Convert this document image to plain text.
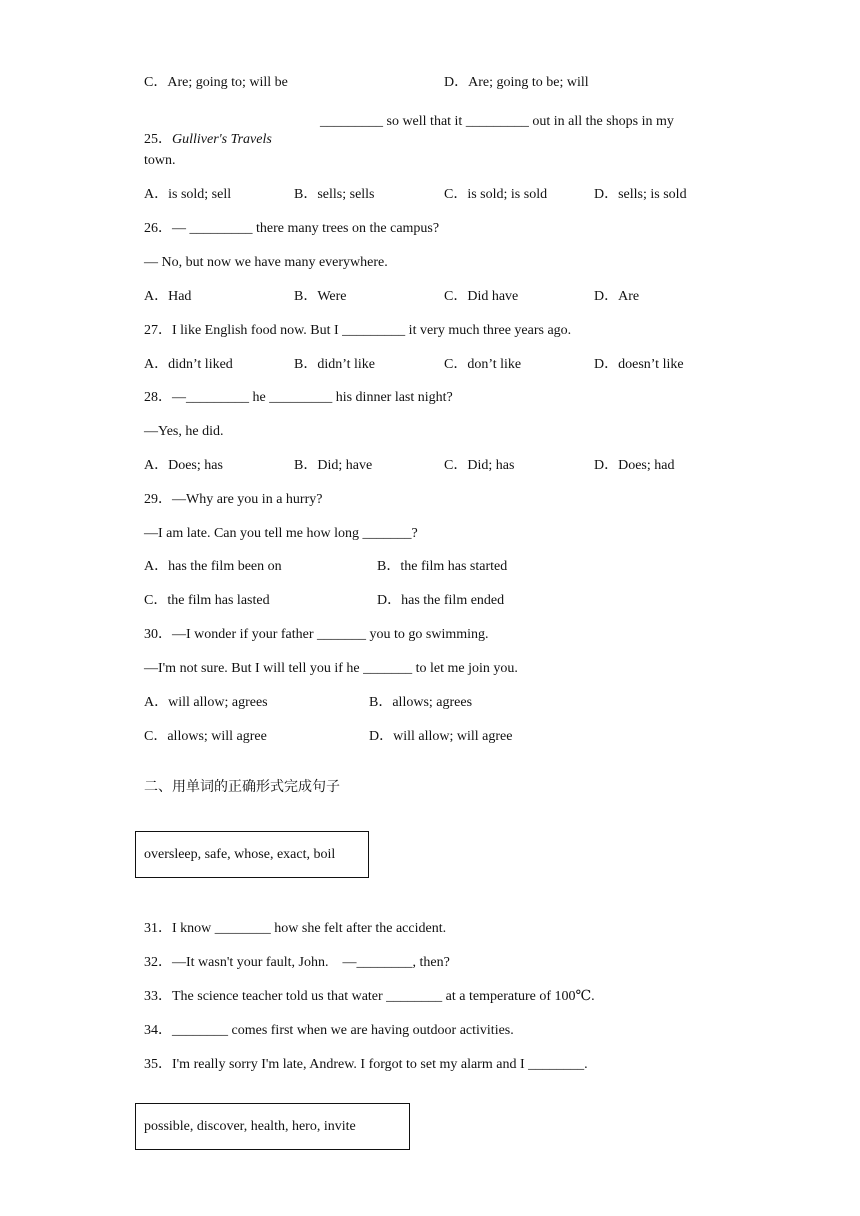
C．Are; going to; will be	D．Are; going to be; will

25．Gulliver's Travels

_________ so well that it _________ out in all the shops in my
town.
A．is sold; sell	B．sells; sells	C．is sold; is sold	D．sells; is sold
26．— _________ there many trees on the campus?
— No, but now we have many everywhere.
A．Had	B．Were	C．Did have	D．Are
27．I like English food now. But I _________ it very much three years ago.
A．didn’t liked	B．didn’t like	C．don’t like	D．doesn’t like
28．—_________ he _________ his dinner last night?
—Yes, he did.
A．Does; has	B．Did; have	C．Did; has	D．Does; had
29．—Why are you in a hurry?
—I am late. Can you tell me how long _______?
A．has the film been on	B．the film has started
C．the film has lasted	D．has the film ended
30．—I wonder if your father _______ you to go swimming.
—I'm not sure. But I will tell you if he _______ to let me join you.
A．will allow; agrees	B．allows; agrees
C．allows; will agree	D．will allow; will agree
二、用单词的正确形式完成句子
oversleep, safe, whose, exact, boil
31．I know ________ how she felt after the accident.
32．—It wasn't your fault, John.    —________, then?
33．The science teacher told us that water ________ at a temperature of 100℃.
34．________ comes first when we are having outdoor activities.
35．I'm really sorry I'm late, Andrew. I forgot to set my alarm and I ________.
possible, discover, health, hero, invite
